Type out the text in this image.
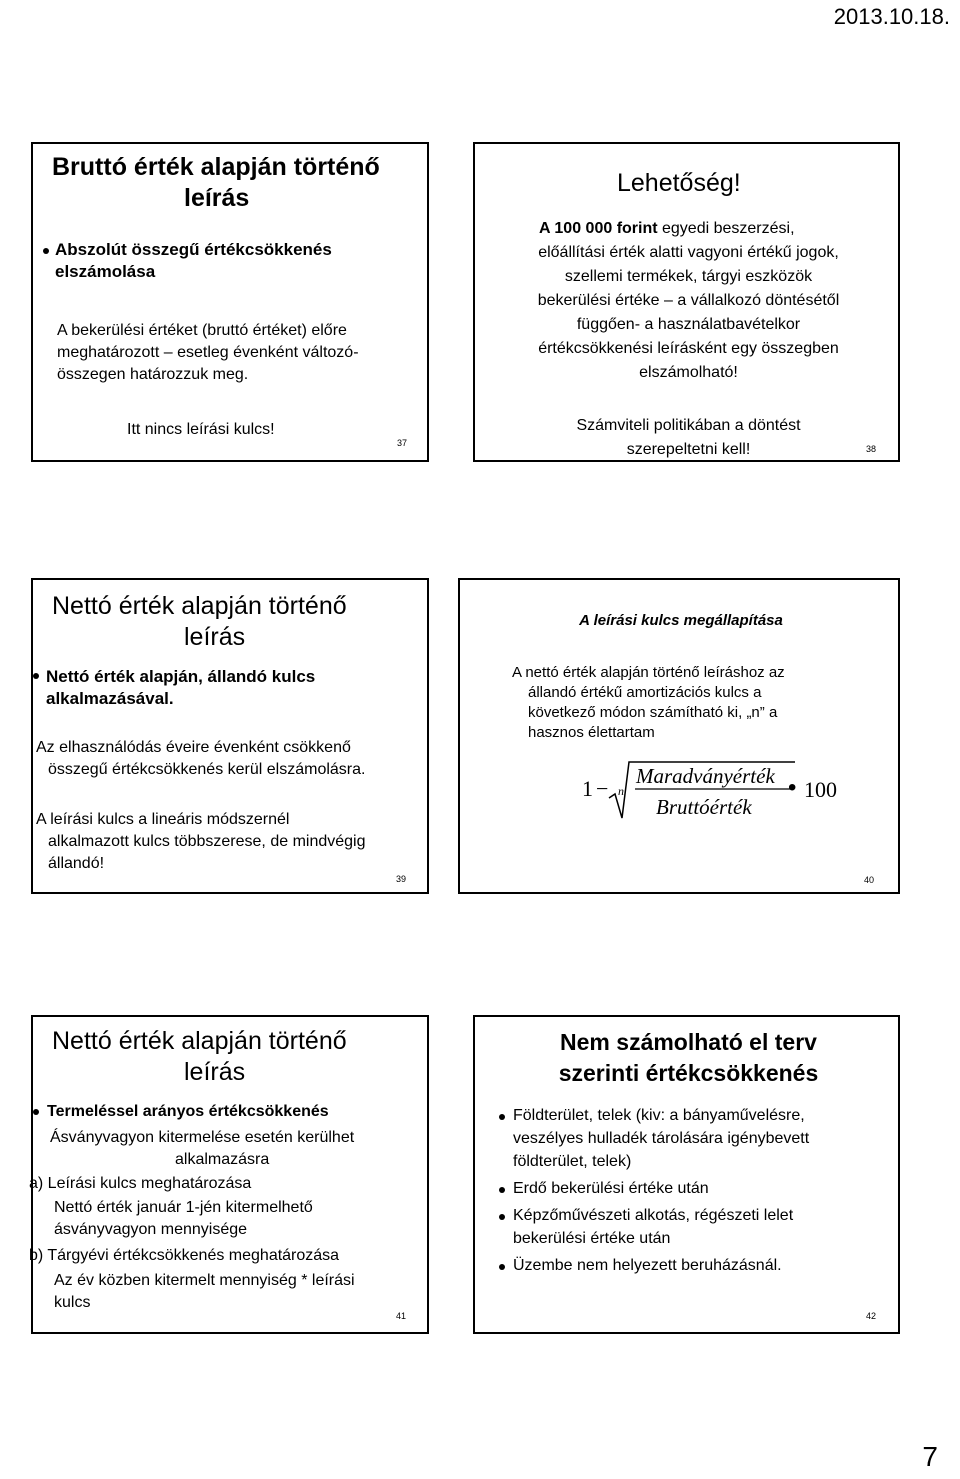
2013.10.18.
Bruttó érték alapján történő
leírás
Abszolút összegű értékcsökkenés
elszámolása
A bekerülési értéket (bruttó értéket) előre
meghatározott – esetleg évenként változó-
összegen határozzuk meg.
Itt nincs leírási kulcs!
37
Lehetőség!
A 100 000 forint egyedi beszerzési,
előállítási érték alatti vagyoni értékű jogok,
szellemi termékek, tárgyi eszközök
bekerülési értéke – a vállalkozó döntésétől
függően- a használatbavételkor
értékcsökkenési leírásként egy összegben
elszámolható!
Számviteli politikában a döntést
szerepeltetni kell!	38
Nettó érték alapján történő
leírás
Nettó érték alapján, állandó kulcs
alkalmazásával.
Az elhasználódás éveire évenként csökkenő
összegű értékcsökkenés kerül elszámolásra.
A leírási kulcs a lineáris módszernél
alkalmazott kulcs többszerese, de mindvégig
állandó!
39
A leírási kulcs megállapítása
A nettó érték alapján történő leíráshoz az
állandó értékű amortizációs kulcs a
következő módon számítható ki, „n” a
hasznos élettartam
1 − n
Maradványérték
Bruttóérték
• 100
40
Nettó érték alapján történő
leírás
Termeléssel arányos értékcsökkenés
Ásványvagyon kitermelése esetén kerülhet
alkalmazásra
a) Leírási kulcs meghatározása
Nettó érték január 1-jén kitermelhető
ásványvagyon mennyisége
b) Tárgyévi értékcsökkenés meghatározása
Az év közben kitermelt mennyiség * leírási
kulcs
41
Nem számolható el terv
szerinti értékcsökkenés
Földterület, telek (kiv: a bányaművelésre,
veszélyes hulladék tárolására igénybevett
földterület, telek)
Erdő bekerülési értéke után
Képzőművészeti alkotás, régészeti lelet
bekerülési értéke után
Üzembe nem helyezett beruházásnál.
42
7
